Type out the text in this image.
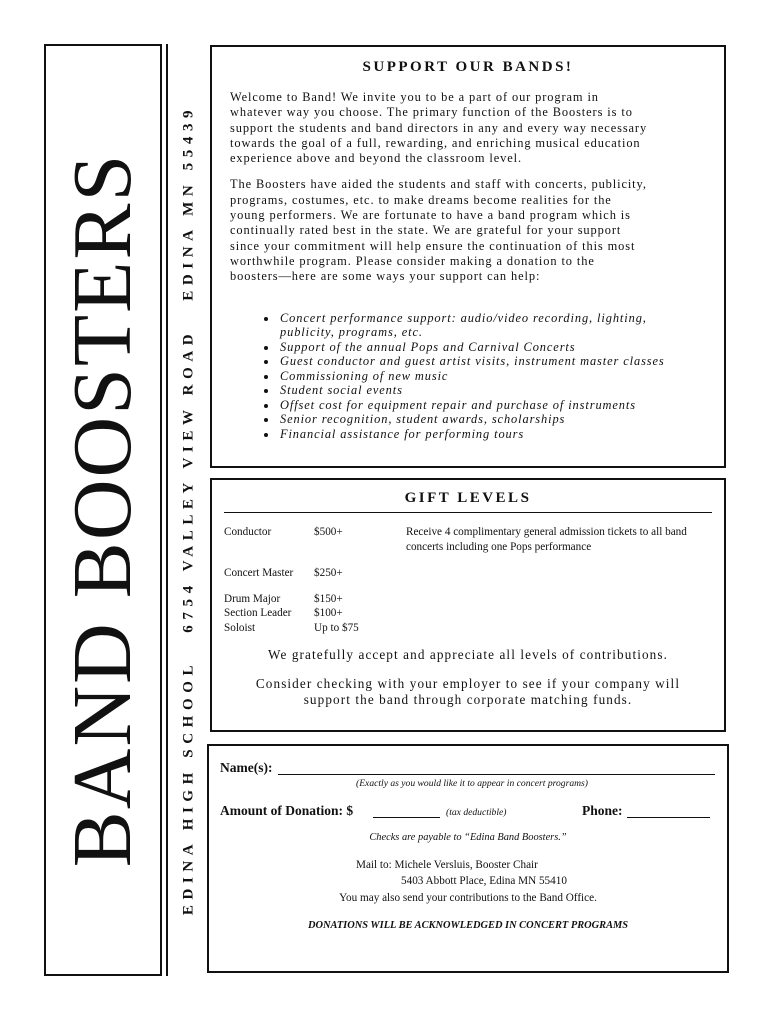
BAND BOOSTERS EDINA HIGH SCHOOL   6754 VALLEY VIEW ROAD   EDINA MN 55439
SUPPORT OUR BANDS!

Welcome to Band! We invite you to be a part of our program in
whatever way you choose. The primary function of the Boosters is to
support the students and band directors in any and every way necessary
towards the goal of a full, rewarding, and enriching musical education
experience above and beyond the classroom level.

The Boosters have aided the students and staff with concerts, publicity,
programs, costumes, etc. to make dreams become realities for the
young performers. We are fortunate to have a band program which is
continually rated best in the state. We are grateful for your support
since your commitment will help ensure the continuation of this most
worthwhile program. Please consider making a donation to the
boosters—here are some ways your support can help:

• Concert performance support: audio/video recording, lighting, publicity, programs, etc.
• Support of the annual Pops and Carnival Concerts
• Guest conductor and guest artist visits, instrument master classes
• Commissioning of new music
• Student social events
• Offset cost for equipment repair and purchase of instruments
• Senior recognition, student awards, scholarships
• Financial assistance for performing tours
GIFT LEVELS
Conductor	$500+	Receive 4 complimentary general admission tickets to all band concerts including one Pops performance
Concert Master $250+
Drum Major	$150+
Section Leader $100+
Soloist	Up to $75
We gratefully accept and appreciate all levels of contributions.
Consider checking with your employer to see if your company will
support the band through corporate matching funds.
Name(s):
(Exactly as you would like it to appear in concert programs)
Amount of Donation: $	(tax deductible)	Phone:
Checks are payable to “Edina Band Boosters.”
Mail to: Michele Versluis, Booster Chair
5403 Abbott Place, Edina MN 55410
You may also send your contributions to the Band Office.
DONATIONS WILL BE ACKNOWLEDGED IN CONCERT PROGRAMS
